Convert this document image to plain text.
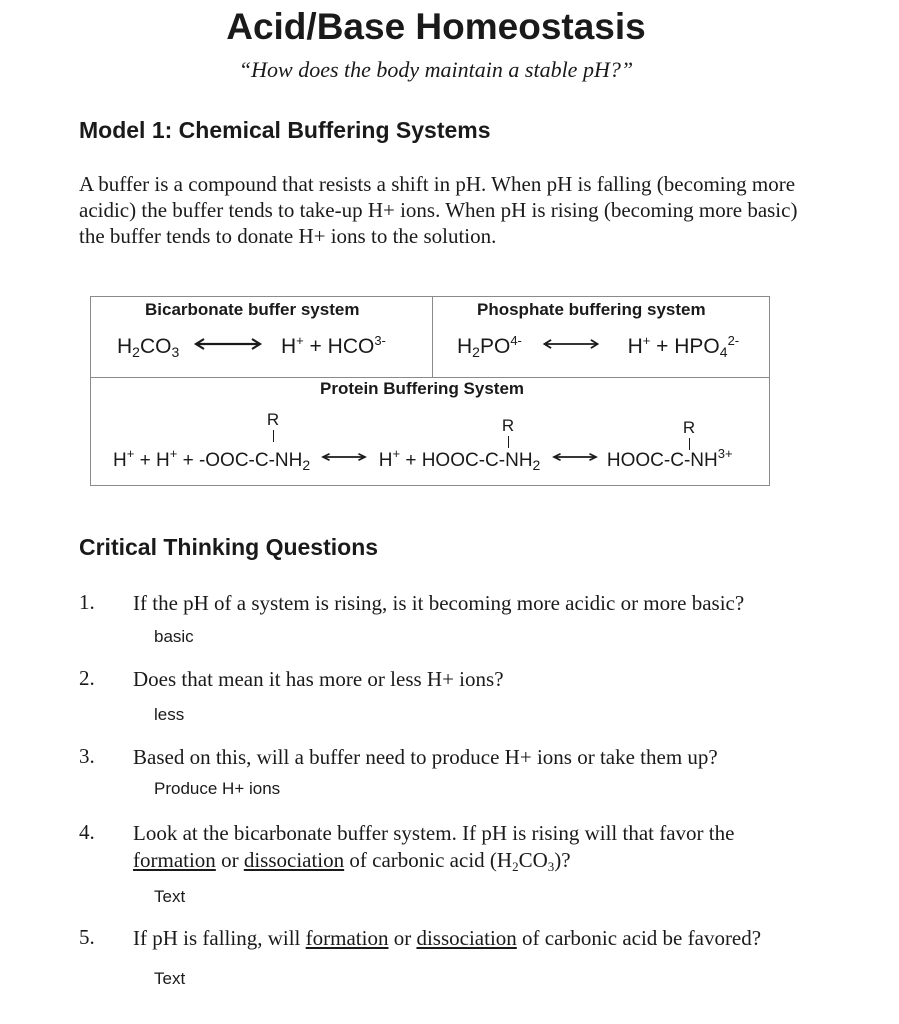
Acid/Base Homeostasis
“How does the body maintain a stable pH?”
Model 1: Chemical Buffering Systems
A buffer is a compound that resists a shift in pH. When pH is falling (becoming more acidic) the buffer tends to take-up H+ ions. When pH is rising (becoming more basic) the buffer tends to donate H+ ions to the solution.
Bicarbonate buffer system	Phosphate buffering system
$H_2CO_3$	$H^+ + HCO^{3-}$	$H_2PO^{4-}$	$H^+ + HPO_4^{2-}$
Protein Buffering System
R	R	R
$H^+ + H^+ + -OOC-C-NH_2$	H+ + HOOC-$C-NH_2$	HOOC-$C-NH^{3+}$
Critical Thinking Questions
1. If the pH of a system is rising, is it becoming more acidic or more basic?
basic
2. Does that mean it has more or less H+ ions?
less
3. Based on this, will a buffer need to produce H+ ions or take them up?
Produce H+ ions
4. Look at the bicarbonate buffer system. If pH is rising will that favor the
formation or dissociation of carbonic acid $(H_2CO_3)$?
Text
5. If pH is falling, will formation or dissociation of carbonic acid be favored?
Text
